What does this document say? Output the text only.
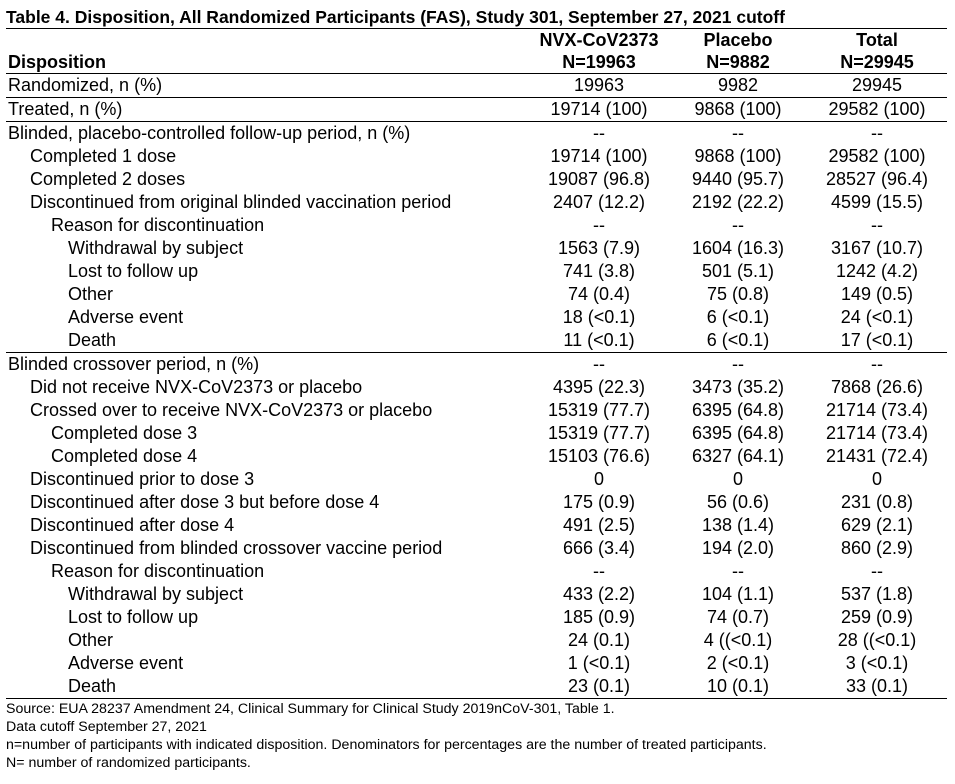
Table 4. Disposition, All Randomized Participants (FAS), Study 301, September 27, 2021 cutoff
	NVX-CoV2373	Placebo	Total
Disposition	N=19963	N=9882	N=29945
Randomized, n (%)	19963	9982	29945
Treated, n (%)	19714 (100)	9868 (100)	29582 (100)
Blinded, placebo-controlled follow-up period, n (%)	--	--	--
Completed 1 dose	19714 (100)	9868 (100)	29582 (100)
Completed 2 doses	19087 (96.8)	9440 (95.7)	28527 (96.4)
Discontinued from original blinded vaccination period	2407 (12.2)	2192 (22.2)	4599 (15.5)
Reason for discontinuation	--	--	--
Withdrawal by subject	1563 (7.9)	1604 (16.3)	3167 (10.7)
Lost to follow up	741 (3.8)	501 (5.1)	1242 (4.2)
Other	74 (0.4)	75 (0.8)	149 (0.5)
Adverse event	18 (<0.1)	6 (<0.1)	24 (<0.1)
Death	11 (<0.1)	6 (<0.1)	17 (<0.1)
Blinded crossover period, n (%)	--	--	--
Did not receive NVX-CoV2373 or placebo	4395 (22.3)	3473 (35.2)	7868 (26.6)
Crossed over to receive NVX-CoV2373 or placebo	15319 (77.7)	6395 (64.8)	21714 (73.4)
Completed dose 3	15319 (77.7)	6395 (64.8)	21714 (73.4)
Completed dose 4	15103 (76.6)	6327 (64.1)	21431 (72.4)
Discontinued prior to dose 3	0	0	0
Discontinued after dose 3 but before dose 4	175 (0.9)	56 (0.6)	231 (0.8)
Discontinued after dose 4	491 (2.5)	138 (1.4)	629 (2.1)
Discontinued from blinded crossover vaccine period	666 (3.4)	194 (2.0)	860 (2.9)
Reason for discontinuation	--	--	--
Withdrawal by subject	433 (2.2)	104 (1.1)	537 (1.8)
Lost to follow up	185 (0.9)	74 (0.7)	259 (0.9)
Other	24 (0.1)	4 ((<0.1)	28 ((<0.1)
Adverse event	1 (<0.1)	2 (<0.1)	3 (<0.1)
Death	23 (0.1)	10 (0.1)	33 (0.1)
Source: EUA 28237 Amendment 24, Clinical Summary for Clinical Study 2019nCoV-301, Table 1.
Data cutoff September 27, 2021
n=number of participants with indicated disposition. Denominators for percentages are the number of treated participants.
N= number of randomized participants.
